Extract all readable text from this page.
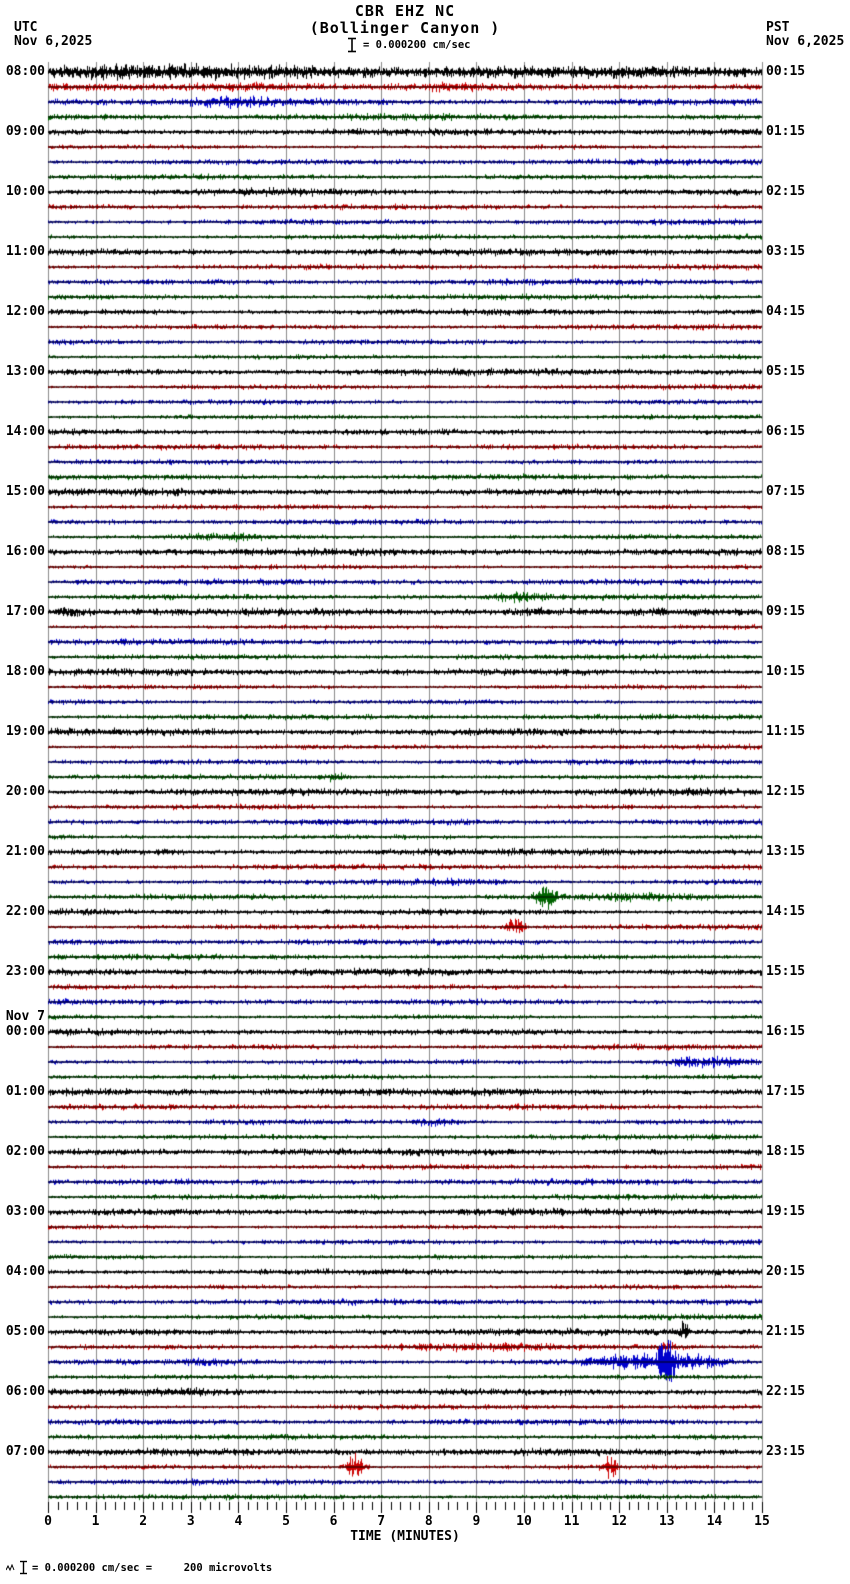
CBR EHZ NC
(Bollinger Canyon )
UTC
Nov 6,2025
PST
Nov 6,2025
= 0.000200 cm/sec
08:00
09:00
10:00
11:00
12:00
13:00
14:00
15:00
16:00
17:00
18:00
19:00
20:00
21:00
22:00
23:00
Nov 7
00:00
01:00
02:00
03:00
04:00
05:00
06:00
07:00
00:15
01:15
02:15
03:15
04:15
05:15
06:15
07:15
08:15
09:15
10:15
11:15
12:15
13:15
14:15
15:15
16:15
17:15
18:15
19:15
20:15
21:15
22:15
23:15
0	1	2	3	4	5	6	7	8	9	10	11	12	13	14	15
TIME (MINUTES)
= 0.000200 cm/sec =     200 microvolts
